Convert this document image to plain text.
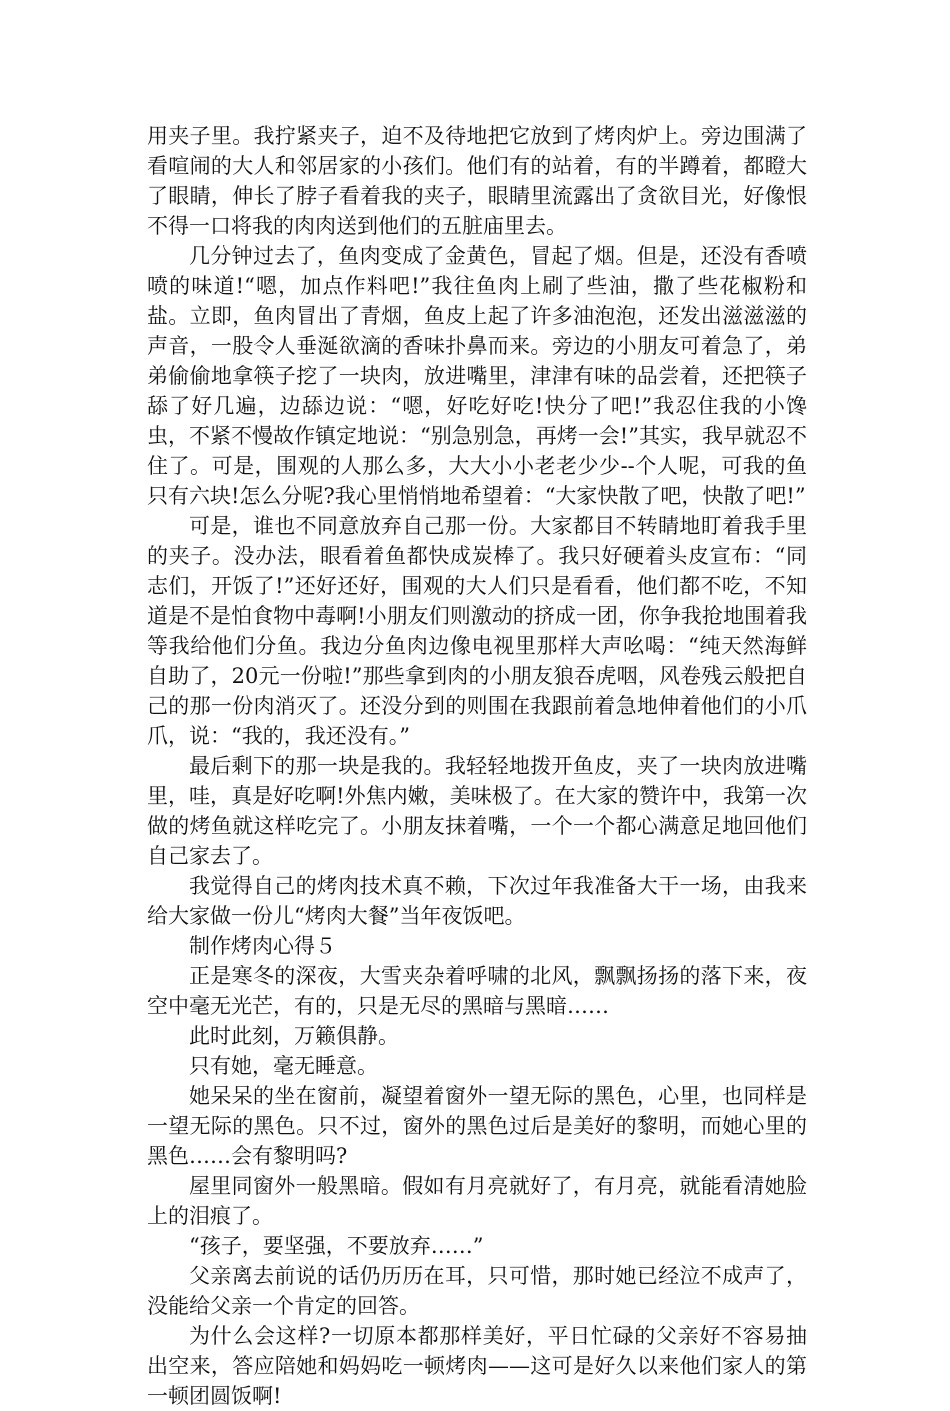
用夹子里。我拧紧夹子，迫不及待地把它放到了烤肉炉上。旁边围满了看喧闹的大人和邻居家的小孩们。他们有的站着，有的半蹲着，都瞪大了眼睛，伸长了脖子看着我的夹子，眼睛里流露出了贪欲目光，好像恨不得一口将我的肉肉送到他们的五脏庙里去。

几分钟过去了，鱼肉变成了金黄色，冒起了烟。但是，还没有香喷喷的味道!“嗯，加点作料吧!”我往鱼肉上刷了些油，撒了些花椒粉和盐。立即，鱼肉冒出了青烟，鱼皮上起了许多油泡泡，还发出滋滋滋的声音，一股令人垂涎欲滴的香味扑鼻而来。旁边的小朋友可着急了，弟弟偷偷地拿筷子挖了一块肉，放进嘴里，津津有味的品尝着，还把筷子舔了好几遍，边舔边说：“嗯，好吃好吃!快分了吧!”我忍住我的小馋虫，不紧不慢故作镇定地说：“别急别急，再烤一会!”其实，我早就忍不住了。可是，围观的人那么多，大大小小老老少少--个人呢，可我的鱼只有六块!怎么分呢?我心里悄悄地希望着：“大家快散了吧，快散了吧!”

可是，谁也不同意放弃自己那一份。大家都目不转睛地盯着我手里的夹子。没办法，眼看着鱼都快成炭棒了。我只好硬着头皮宣布：“同志们，开饭了!”还好还好，围观的大人们只是看看，他们都不吃，不知道是不是怕食物中毒啊!小朋友们则激动的挤成一团，你争我抢地围着我等我给他们分鱼。我边分鱼肉边像电视里那样大声吆喝：“纯天然海鲜自助了，20元一份啦!”那些拿到肉的小朋友狼吞虎咽，风卷残云般把自己的那一份肉消灭了。还没分到的则围在我跟前着急地伸着他们的小爪爪，说：“我的，我还没有。”

最后剩下的那一块是我的。我轻轻地拨开鱼皮，夹了一块肉放进嘴里，哇，真是好吃啊!外焦内嫩，美味极了。在大家的赞许中，我第一次做的烤鱼就这样吃完了。小朋友抹着嘴，一个一个都心满意足地回他们自己家去了。

我觉得自己的烤肉技术真不赖，下次过年我准备大干一场，由我来给大家做一份儿“烤肉大餐”当年夜饭吧。

制作烤肉心得５

正是寒冬的深夜，大雪夹杂着呼啸的北风，飘飘扬扬的落下来，夜空中毫无光芒，有的，只是无尽的黑暗与黑暗……

此时此刻，万籁俱静。

只有她，毫无睡意。

她呆呆的坐在窗前，凝望着窗外一望无际的黑色，心里，也同样是一望无际的黑色。只不过，窗外的黑色过后是美好的黎明，而她心里的黑色……会有黎明吗?

屋里同窗外一般黑暗。假如有月亮就好了，有月亮，就能看清她脸上的泪痕了。

“孩子，要坚强，不要放弃……”

父亲离去前说的话仍历历在耳，只可惜，那时她已经泣不成声了，没能给父亲一个肯定的回答。

为什么会这样?一切原本都那样美好，平日忙碌的父亲好不容易抽出空来，答应陪她和妈妈吃一顿烤肉——这可是好久以来他们家人的第一顿团圆饭啊!
